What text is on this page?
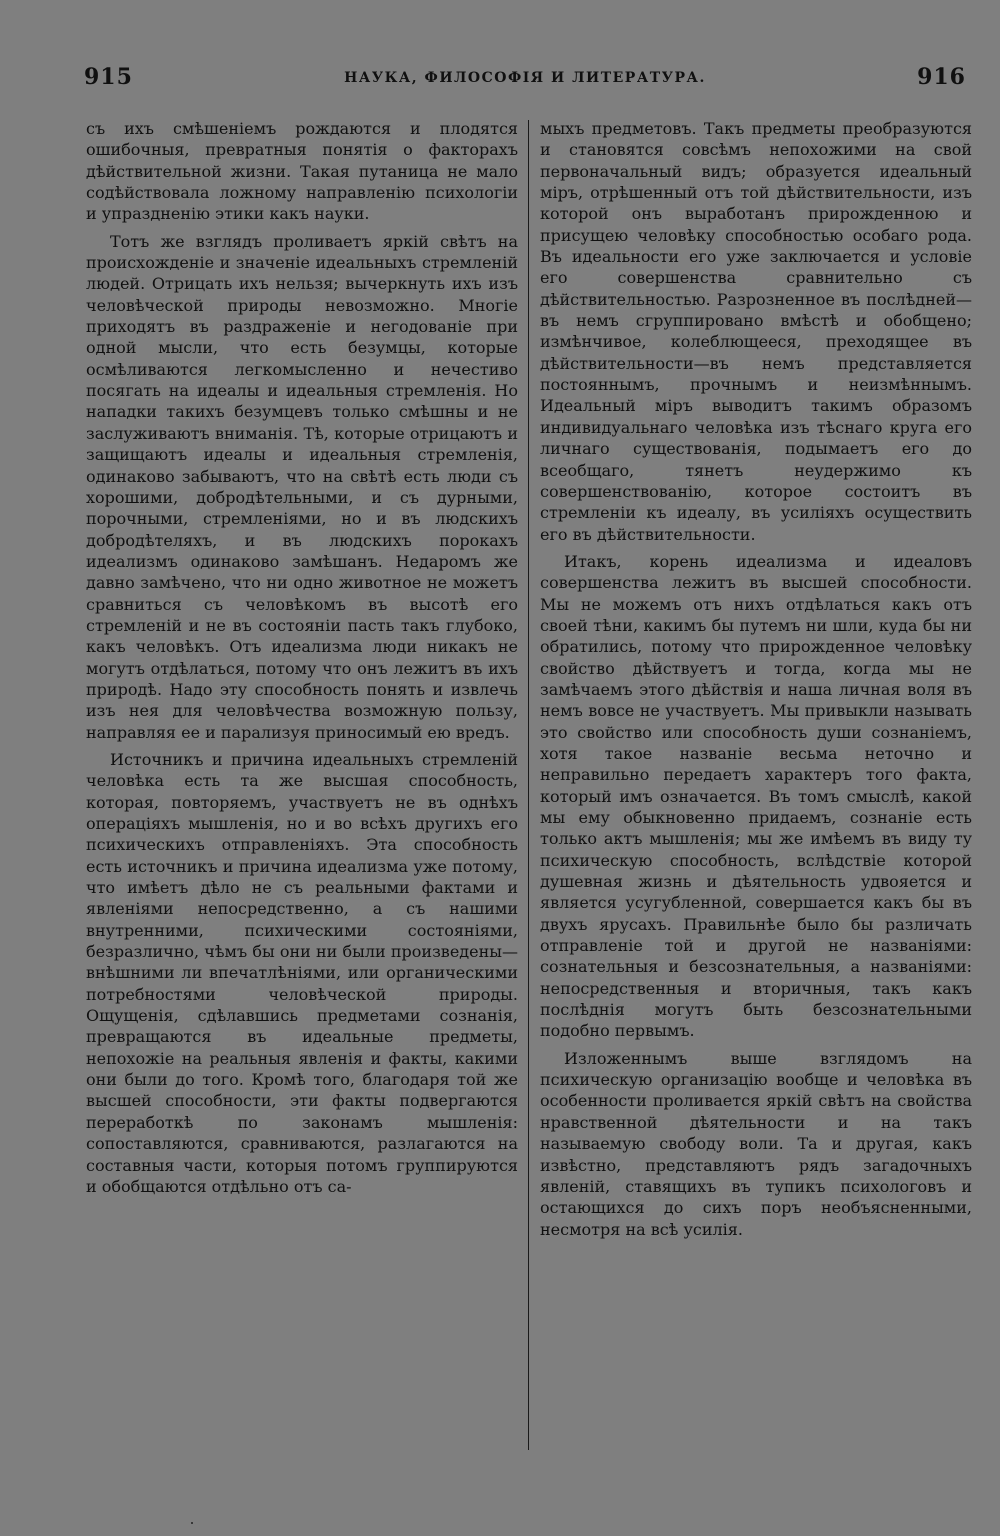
915	НАУКА, ФИЛОСОФІЯ И ЛИТЕРАТУРА.	916

съ ихъ смѣшеніемъ рождаются и плодятся ошибочныя, превратныя понятія о факторахъ дѣйствительной жизни. Такая путаница не мало содѣйствовала ложному направленію психологіи и упраздненію этики какъ науки.

Тотъ же взглядъ проливаетъ яркій свѣтъ на происхожденіе и значеніе идеальныхъ стремленій людей. Отрицать ихъ нельзя; вычеркнуть ихъ изъ человѣческой природы невозможно. Многіе приходятъ въ раздраженіе и негодованіе при одной мысли, что есть безумцы, которые осмѣливаются легкомысленно и нечестиво посягать на идеалы и идеальныя стремленія. Но нападки такихъ безумцевъ только смѣшны и не заслуживаютъ вниманія. Тѣ, которые отрицаютъ и защищаютъ идеалы и идеальныя стремленія, одинаково забываютъ, что на свѣтѣ есть люди съ хорошими, добродѣтельными, и съ дурными, порочными, стремленіями, но и въ людскихъ добродѣтеляхъ, и въ людскихъ порокахъ идеализмъ одинаково замѣшанъ. Недаромъ же давно замѣчено, что ни одно животное не можетъ сравниться съ человѣкомъ въ высотѣ его стремленій и не въ состояніи пасть такъ глубоко, какъ человѣкъ. Отъ идеализма люди никакъ не могутъ отдѣлаться, потому что онъ лежитъ въ ихъ природѣ. Надо эту способность понять и извлечь изъ нея для человѣчества возможную пользу, направляя ее и парализуя приносимый ею вредъ.

Источникъ и причина идеальныхъ стремленій человѣка есть та же высшая способность, которая, повторяемъ, участвуетъ не въ однѣхъ операціяхъ мышленія, но и во всѣхъ другихъ его психическихъ отправленіяхъ. Эта способность есть источникъ и причина идеализма уже потому, что имѣетъ дѣло не съ реальными фактами и явленіями непосредственно, а съ нашими внутренними, психическими состояніями, безразлично, чѣмъ бы они ни были произведены—внѣшними ли впечатлѣніями, или органическими потребностями человѣческой природы. Ощущенія, сдѣлавшись предметами сознанія, превращаются въ идеальные предметы, непохожіе на реальныя явленія и факты, какими они были до того. Кромѣ того, благодаря той же высшей способности, эти факты подвергаются переработкѣ по законамъ мышленія: сопоставляются, сравниваются, разлагаются на составныя части, которыя потомъ группируются и обобщаются отдѣльно отъ са-

мыхъ предметовъ. Такъ предметы преобразуются и становятся совсѣмъ непохожими на свой первоначальный видъ; образуется идеальный міръ, отрѣшенный отъ той дѣйствительности, изъ которой онъ выработанъ прирожденною и присущею человѣку способностью особаго рода. Въ идеальности его уже заключается и условіе его совершенства сравнительно съ дѣйствительностью. Разрозненное въ послѣдней—въ немъ сгруппировано вмѣстѣ и обобщено; измѣнчивое, колеблющееся, преходящее въ дѣйствительности—въ немъ представляется постояннымъ, прочнымъ и неизмѣннымъ. Идеальный міръ выводитъ такимъ образомъ индивидуальнаго человѣка изъ тѣснаго круга его личнаго существованія, подымаетъ его до всеобщаго, тянетъ неудержимо къ совершенствованію, которое состоитъ въ стремленіи къ идеалу, въ усиліяхъ осуществить его въ дѣйствительности.

Итакъ, корень идеализма и идеаловъ совершенства лежитъ въ высшей способности. Мы не можемъ отъ нихъ отдѣлаться какъ отъ своей тѣни, какимъ бы путемъ ни шли, куда бы ни обратились, потому что прирожденное человѣку свойство дѣйствуетъ и тогда, когда мы не замѣчаемъ этого дѣйствія и наша личная воля въ немъ вовсе не участвуетъ. Мы привыкли называть это свойство или способность души сознаніемъ, хотя такое названіе весьма неточно и неправильно передаетъ характеръ того факта, который имъ означается. Въ томъ смыслѣ, какой мы ему обыкновенно придаемъ, сознаніе есть только актъ мышленія; мы же имѣемъ въ виду ту психическую способность, вслѣдствіе которой душевная жизнь и дѣятельность удвояется и является усугубленной, совершается какъ бы въ двухъ ярусахъ. Правильнѣе было бы различать отправленіе той и другой не названіями: сознательныя и безсознательныя, а названіями: непосредственныя и вторичныя, такъ какъ послѣднія могутъ быть безсознательными подобно первымъ.

Изложеннымъ выше взглядомъ на психическую организацію вообще и человѣка въ особенности проливается яркій свѣтъ на свойства нравственной дѣятельности и на такъ называемую свободу воли. Та и другая, какъ извѣстно, представляютъ рядъ загадочныхъ явленій, ставящихъ въ тупикъ психологовъ и остающихся до сихъ поръ необъясненными, несмотря на всѣ усилія.
